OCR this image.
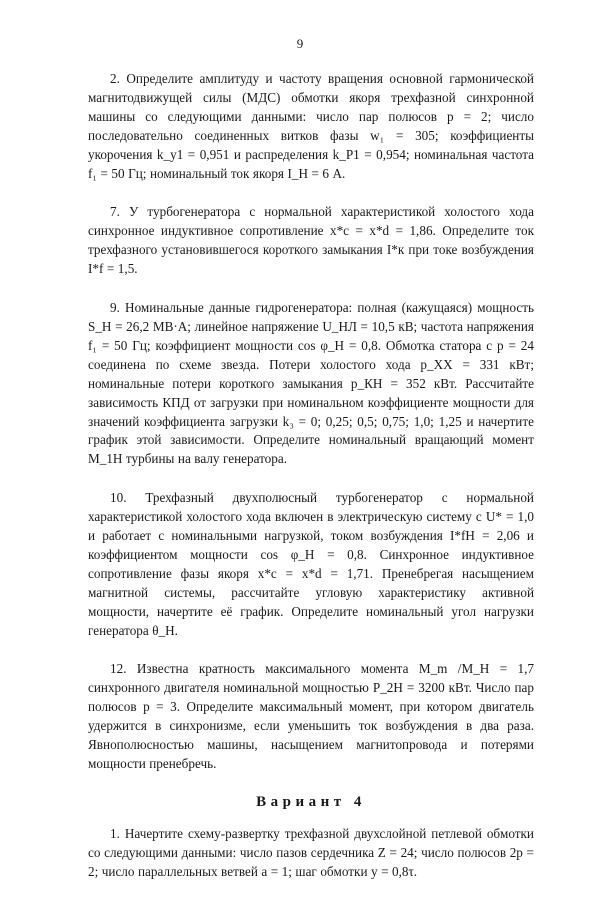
9

2. Определите амплитуду и частоту вращения основной гармонической магнитодвижущей силы (МДС) обмотки якоря трехфазной синхронной машины со следующими данными: число пар полюсов p = 2; число последовательно соединенных витков фазы w₁ = 305; коэффициенты укорочения k_y1 = 0,951 и распределения k_P1 = 0,954; номинальная частота f₁ = 50 Гц; номинальный ток якоря I_Н = 6 А.

7. У турбогенератора с нормальной характеристикой холостого хода синхронное индуктивное сопротивление x*c = x*d = 1,86. Определите ток трехфазного установившегося короткого замыкания I*к при токе возбуждения I*f = 1,5.

9. Номинальные данные гидрогенератора: полная (кажущаяся) мощность S_Н = 26,2 МВ·А; линейное напряжение U_НЛ = 10,5 кВ; частота напряжения f₁ = 50 Гц; коэффициент мощности cos φ_Н = 0,8. Обмотка статора с p = 24 соединена по схеме звезда. Потери холостого хода p_XX = 331 кВт; номинальные потери короткого замыкания p_КН = 352 кВт. Рассчитайте зависимость КПД от загрузки при номинальном коэффициенте мощности для значений коэффициента загрузки k₃ = 0; 0,25; 0,5; 0,75; 1,0; 1,25 и начертите график этой зависимости. Определите номинальный вращающий момент M_1Н турбины на валу генератора.

10. Трехфазный двухполюсный турбогенератор с нормальной характеристикой холостого хода включен в электрическую систему с U* = 1,0 и работает с номинальными нагрузкой, током возбуждения I*fН = 2,06 и коэффициентом мощности cos φ_Н = 0,8. Синхронное индуктивное сопротивление фазы якоря x*c = x*d = 1,71. Пренебрегая насыщением магнитной системы, рассчитайте угловую характеристику активной мощности, начертите её график. Определите номинальный угол нагрузки генератора θ_Н.

12. Известна кратность максимального момента M_m /M_Н = 1,7 синхронного двигателя номинальной мощностью P_2Н = 3200 кВт. Число пар полюсов p = 3. Определите максимальный момент, при котором двигатель удержится в синхронизме, если уменьшить ток возбуждения в два раза. Явнополюсностью машины, насыщением магнитопровода и потерями мощности пренебречь.

Вариант 4

1. Начертите схему-развертку трехфазной двухслойной петлевой обмотки со следующими данными: число пазов сердечника Z = 24; число полюсов 2p = 2; число параллельных ветвей a = 1; шаг обмотки y = 0,8τ.
